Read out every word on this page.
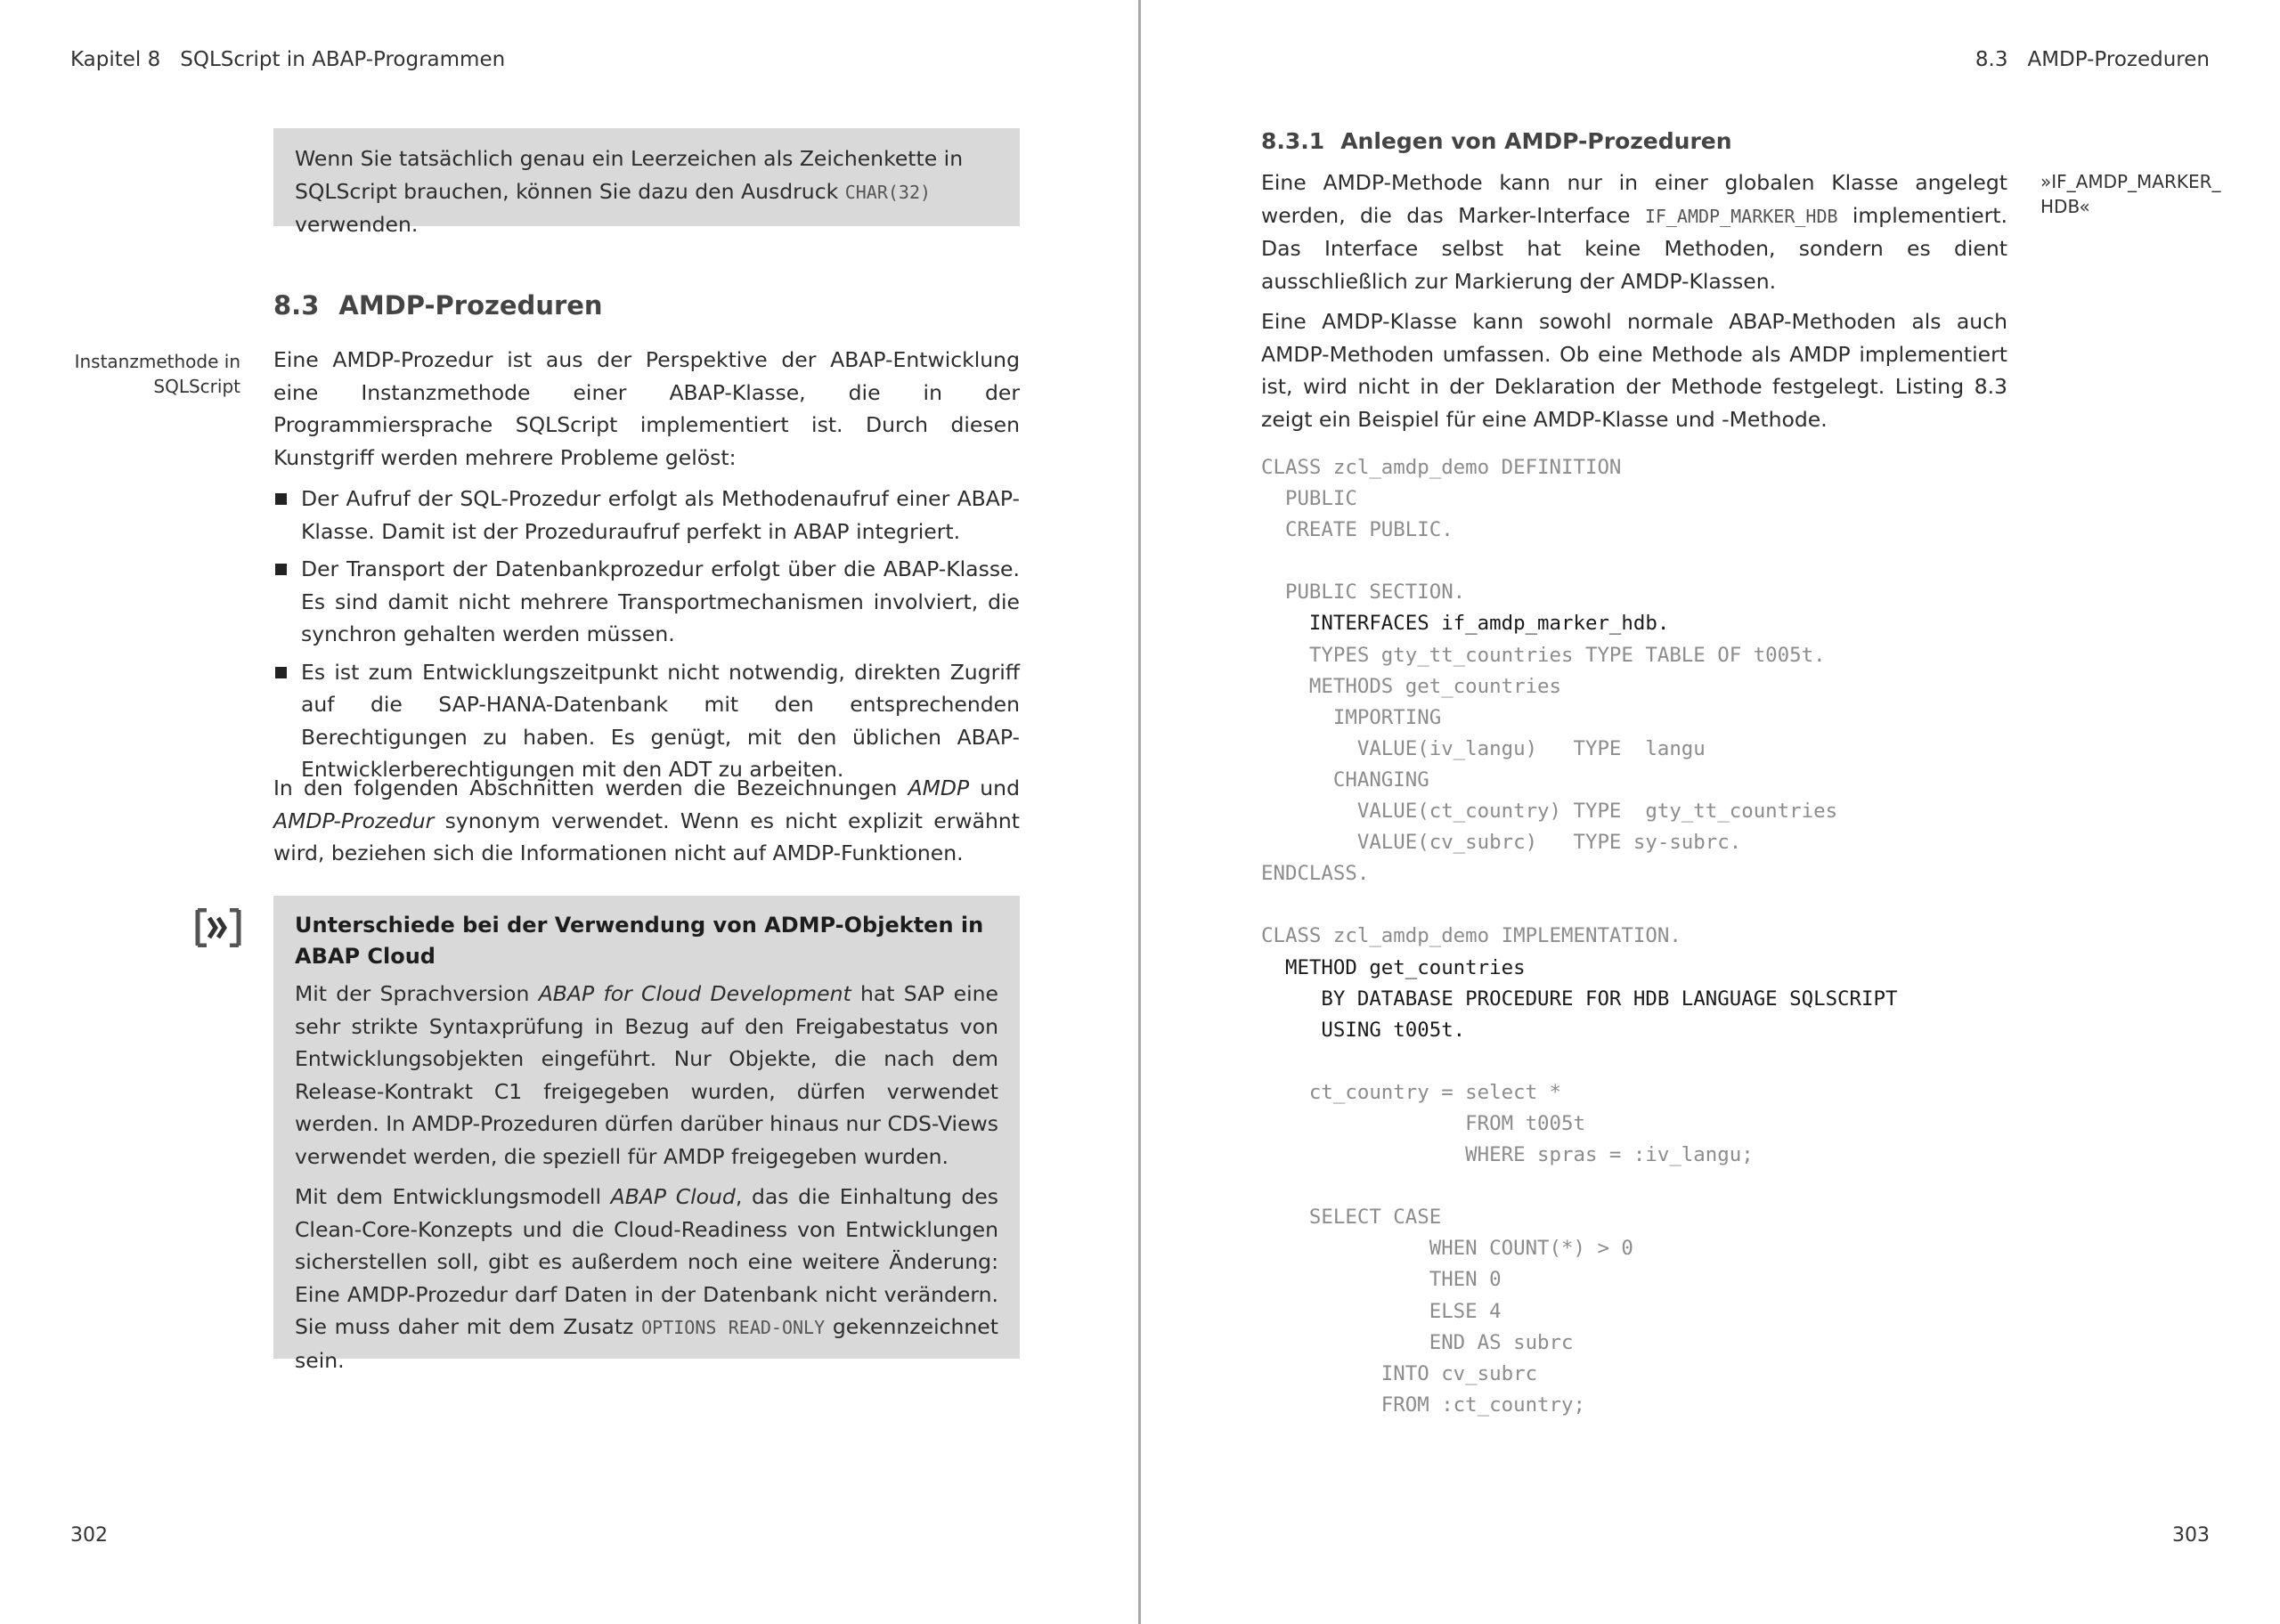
Kapitel 8 SQLScript in ABAP-Programmen

Wenn Sie tatsächlich genau ein Leerzeichen als Zeichenkette in SQLScript brauchen, können Sie dazu den Ausdruck CHAR(32) verwenden.

8.3 AMDP-Prozeduren
Instanzmethode in SQLScript

Eine AMDP-Prozedur ist aus der Perspektive der ABAP-Entwicklung eine Instanzmethode einer ABAP-Klasse, die in der Programmiersprache SQLScript implementiert ist. Durch diesen Kunstgriff werden mehrere Probleme gelöst:

Der Aufruf der SQL-Prozedur erfolgt als Methodenaufruf einer ABAP-Klasse. Damit ist der Prozeduraufruf perfekt in ABAP integriert.
Der Transport der Datenbankprozedur erfolgt über die ABAP-Klasse. Es sind damit nicht mehrere Transportmechanismen involviert, die synchron gehalten werden müssen.
Es ist zum Entwicklungszeitpunkt nicht notwendig, direkten Zugriff auf die SAP-HANA-Datenbank mit den entsprechenden Berechtigungen zu haben. Es genügt, mit den üblichen ABAP-Entwicklerberechtigungen mit den ADT zu arbeiten.

In den folgenden Abschnitten werden die Bezeichnungen AMDP und AMDP-Prozedur synonym verwendet. Wenn es nicht explizit erwähnt wird, beziehen sich die Informationen nicht auf AMDP-Funktionen.

Unterschiede bei der Verwendung von ADMP-Objekten in ABAP Cloud

Mit der Sprachversion ABAP for Cloud Development hat SAP eine sehr strikte Syntaxprüfung in Bezug auf den Freigabestatus von Entwicklungsobjekten eingeführt. Nur Objekte, die nach dem Release-Kontrakt C1 freigegeben wurden, dürfen verwendet werden. In AMDP-Prozeduren dürfen darüber hinaus nur CDS-Views verwendet werden, die speziell für AMDP freigegeben wurden.

Mit dem Entwicklungsmodell ABAP Cloud, das die Einhaltung des Clean-Core-Konzepts und die Cloud-Readiness von Entwicklungen sicherstellen soll, gibt es außerdem noch eine weitere Änderung: Eine AMDP-Prozedur darf Daten in der Datenbank nicht verändern. Sie muss daher mit dem Zusatz OPTIONS READ-ONLY gekennzeichnet sein.

302
8.3 AMDP-Prozeduren
303
8.3.1 Anlegen von AMDP-Prozeduren
»IF_AMDP_MARKER_ HDB«

Eine AMDP-Methode kann nur in einer globalen Klasse angelegt werden, die das Marker-Interface IF_AMDP_MARKER_HDB implementiert. Das Interface selbst hat keine Methoden, sondern es dient ausschließlich zur Markierung der AMDP-Klassen.

Eine AMDP-Klasse kann sowohl normale ABAP-Methoden als auch AMDP-Methoden umfassen. Ob eine Methode als AMDP implementiert ist, wird nicht in der Deklaration der Methode festgelegt. Listing 8.3 zeigt ein Beispiel für eine AMDP-Klasse und -Methode.

CLASS zcl_amdp_demo DEFINITION
PUBLIC
CREATE PUBLIC.
PUBLIC SECTION.
INTERFACES if_amdp_marker_hdb.
TYPES gty_tt_countries TYPE TABLE OF t005t.
METHODS get_countries
IMPORTING
VALUE(iv_langu)   TYPE  langu
CHANGING
VALUE(ct_country) TYPE  gty_tt_countries
VALUE(cv_subrc)   TYPE sy-subrc.
ENDCLASS.
CLASS zcl_amdp_demo IMPLEMENTATION.
METHOD get_countries
BY DATABASE PROCEDURE FOR HDB LANGUAGE SQLSCRIPT
USING t005t.
ct_country = select *
FROM t005t
WHERE spras = :iv_langu;
SELECT CASE
WHEN COUNT(*) > 0
THEN 0
ELSE 4
END AS subrc
INTO cv_subrc
FROM :ct_country;
